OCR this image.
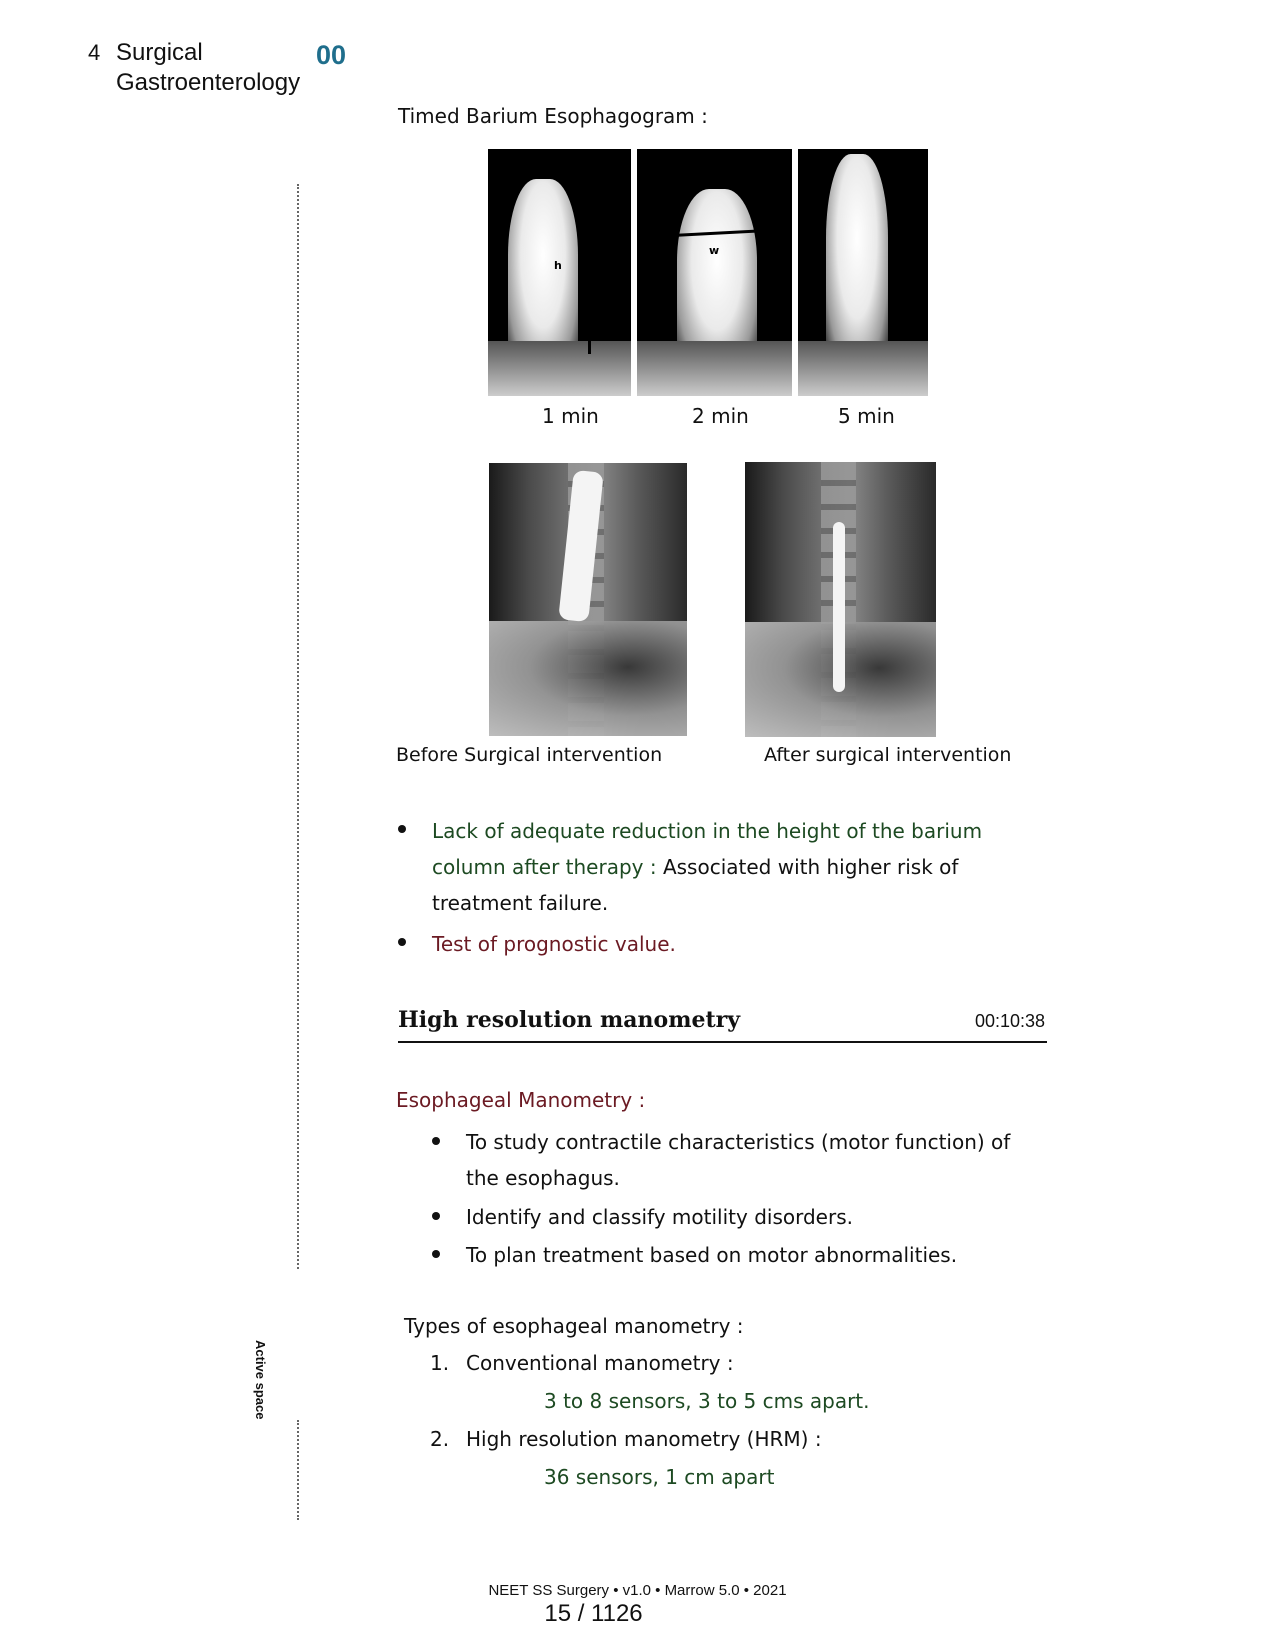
4 Surgical
Gastroenterology
00
Active space
Timed Barium Esophagogram :
h
w
1 min	2 min	5 min
Before Surgical intervention	After surgical intervention
Lack of adequate reduction in the height of the barium
column after therapy : Associated with higher risk of
treatment failure.
Test of prognostic value.
High resolution manometry	00:10:38
Esophageal Manometry :
To study contractile characteristics (motor function) of
the esophagus.
Identify and classify motility disorders.
To plan treatment based on motor abnormalities.
Types of esophageal manometry :
1. Conventional manometry :
3 to 8 sensors, 3 to 5 cms apart.
2. High resolution manometry (HRM) :
36 sensors, 1 cm apart
NEET SS Surgery • v1.0 • Marrow 5.0 • 2021
15 / 1126
